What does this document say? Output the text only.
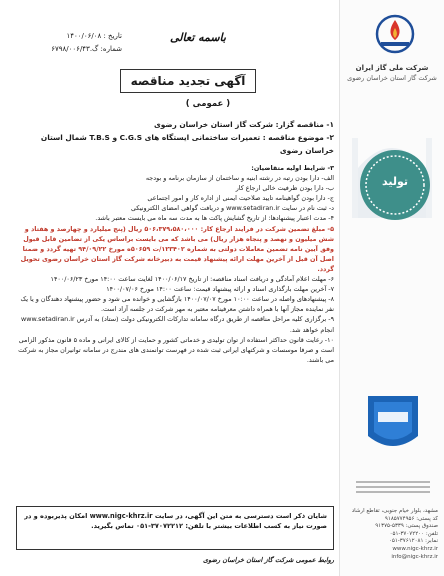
تاریخ : ۱۴۰۰/۰۶/۰۸
شماره: گ.۶۷۹۸/۰۰۶/۴۳
باسمه تعالی
آگهی تجدید مناقصه
( عمومی )

۱- مناقصه گزار: شرکت گاز استان خراسان رضوی

۲- موضوع مناقصه : تعمیرات ساختمانی ایستگاه های C.G.S و T.B.S شمال استان خراسان رضوی

۳- شرایط اولیه متقاضیان:

الف- دارا بودن رتبه در رشته ابنیه و ساختمان از سازمان برنامه و بودجه

ب- دارا بودن ظرفیت خالی ارجاع کار

ج- دارا بودن گواهینامه تایید صلاحیت ایمنی از اداره کار و امور اجتماعی

د- ثبت نام در سایت www.setadiran.ir و دریافت گواهی امضای الکترونیکی

۴- مدت اعتبار پیشنهادها: از تاریخ گشایش پاکت ها به مدت سه ماه می بایست معتبر باشد.

۵- مبلغ تضمین شرکت در فرایند ارجاع کار: ۵۰۶،۳۷۹،۵۸۰،۰۰۰ ریال (پنج میلیارد و چهارصد و هفتاد و شش میلیون و نهصد و پنجاه هزار ریال) می باشد که می بایست براساس یکی از تضامین قابل قبول وفق آیین نامه تضمین معاملات دولتی به شماره ۱۲۳۴۰۲/ت ۵۰۶۵۹ه مورخ ۹۴/۰۹/۲۲ تهیه گردد و ضمنا اصل آن قبل از آخرین مهلت ارائه پیشنهاد قیمت به دبیرخانه شرکت گاز استان خراسان رضوی تحویل گردد.

۶- مهلت اعلام آمادگی و دریافت اسناد مناقصه: از تاریخ ۱۴۰۰/۰۶/۱۷ لغایت ساعت ۱۴:۰۰ مورخ ۱۴۰۰/۰۶/۲۳

۷- آخرین مهلت بارگذاری اسناد و ارائه پیشنهاد قیمت: ساعت ۱۴:۰۰ مورخ ۱۴۰۰/۰۷/۰۶

۸- پیشنهادهای واصله در ساعت ۱۰:۰۰ مورخ ۱۴۰۰/۰۷/۰۷ بازگشایی و خوانده می شود و حضور پیشنهاد دهندگان و یا یک نفر نماینده مجاز آنها با همراه داشتن معرفینامه معتبر به مهر شرکت در جلسه آزاد است.

۹- برگزاری کلیه مراحل مناقصه از طریق درگاه سامانه تدارکات الکترونیکی دولت (ستاد) به آدرس www.setadiran.ir انجام خواهد شد.

۱۰- رعایت قانون حداکثر استفاده از توان تولیدی و خدماتی کشور و حمایت از کالای ایرانی و ماده ۵ قانون مذکور الزامی است و صرفا موسسات و شرکتهای ایرانی ثبت شده در فهرست توانمندی های مندرج در سامانه توانیران مجاز به شرکت می باشند.

شایان ذکر است دسترسی به متن این آگهی، در سایت www.nigc-khrz.ir امکان پذیربوده و در
صورت نیاز به کسب اطلاعات بیشتر با تلفن: ۳۷۰۷۲۲۱۲-۰۵۱ تماس بگیرید.
روابط عمومی شرکت گاز استان خراسان رضوی
شرکت ملی گاز ایران
شرکت گاز استان خراسان رضوی
تولید
مشهد، بلوار خیام جنوبی، تقاطع ارشاد
کد پستی: ۹۱۸۵۷۷۴۹۵۶
صندوق پستی: ۵۳۳۹-۹۱۳۷۵
تلفن: ۳۷۰۷۲۲۰۰-۰۵۱
نمابر: ۳۷۶۱۲۰۸۱-۰۵۱
www.nigc-khrz.ir
info@nigc-khrz.ir
